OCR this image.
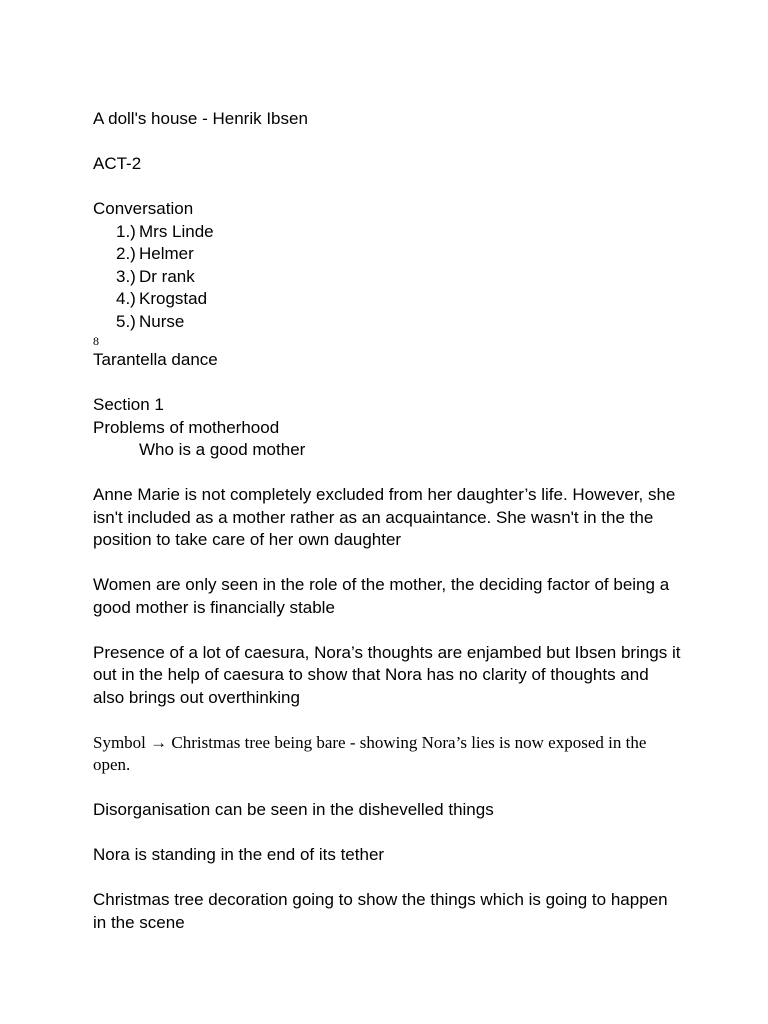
A doll's house - Henrik Ibsen

ACT-2

Conversation

1.) Mrs Linde
2.) Helmer
3.) Dr rank
4.) Krogstad
5.) Nurse

8

Tarantella dance

Section 1

Problems of motherhood

Who is a good mother

Anne Marie is not completely excluded from her daughter’s life. However, she isn't included as a mother rather as an acquaintance. She wasn't in the the position to take care of her own daughter

Women are only seen in the role of the mother, the deciding factor of being a good mother is financially stable

Presence of a lot of caesura, Nora’s thoughts are enjambed but Ibsen brings it out in the help of caesura to show that Nora has no clarity of thoughts and also brings out overthinking

Symbol → Christmas tree being bare - showing Nora’s lies is now exposed in the open.

Disorganisation can be seen in the dishevelled things

Nora is standing in the end of its tether

Christmas tree decoration going to show the things which is going to happen in the scene
